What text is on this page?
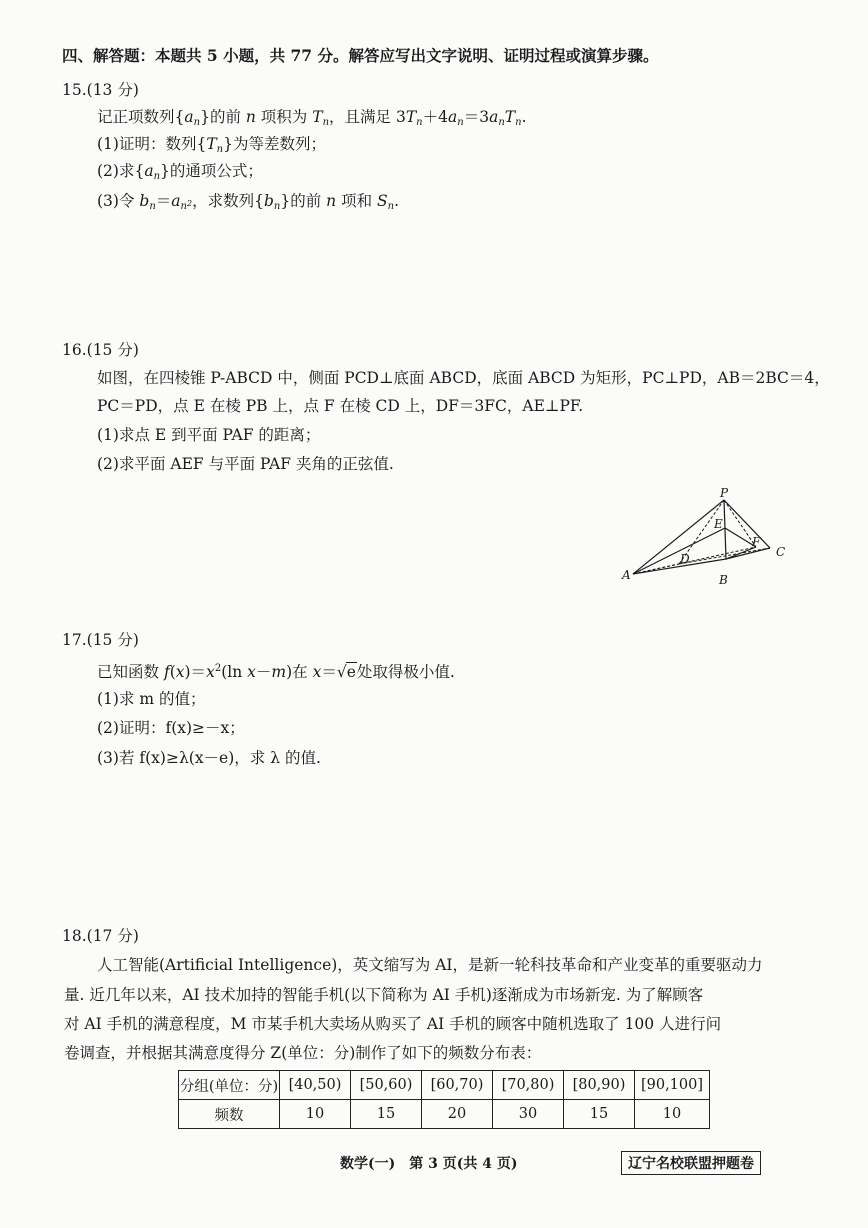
四、解答题：本题共 5 小题，共 77 分。解答应写出文字说明、证明过程或演算步骤。
15.(13 分)
记正项数列$\{a_n\}$的前 n 项积为 $T_n$，且满足 $3T_n+4a_n=3a_nT_n$.
(1)证明：数列$\{T_n\}$为等差数列；
(2)求$\{a_n\}$的通项公式；
(3)令 $b_n=a_{n^2}$，求数列$\{b_n\}$的前 n 项和 $S_n$.
16.(15 分)
如图，在四棱锥 P-ABCD 中，侧面 PCD⊥底面 ABCD，底面 ABCD 为矩形，PC⊥PD，AB＝2BC＝4，
PC＝PD，点 E 在棱 PB 上，点 F 在棱 CD 上，DF＝3FC，AE⊥PF.
(1)求点 E 到平面 PAF 的距离；
(2)求平面 AEF 与平面 PAF 夹角的正弦值.
P
E
F
C
D
A	B
17.(15 分)
已知函数 $f(x)=x^2(\ln$ x－m)在 x＝√e处取得极小值.
(1)求 m 的值；
(2)证明：f(x)≥－x；
(3)若 f(x)≥λ(x－e)，求 λ 的值.
18.(17 分)
人工智能(Artificial Intelligence)，英文缩写为 AI，是新一轮科技革命和产业变革的重要驱动力
量. 近几年以来，AI 技术加持的智能手机(以下简称为 AI 手机)逐渐成为市场新宠. 为了解顾客
对 AI 手机的满意程度，M 市某手机大卖场从购买了 AI 手机的顾客中随机选取了 100 人进行问
卷调查，并根据其满意度得分 Z(单位：分)制作了如下的频数分布表：
分组(单位：分)	[40,50)	[50,60)	[60,70)	[70,80)	[80,90)	[90,100]
频数	10	15	20	30	15	10
数学(一)　第 3 页(共 4 页)	辽宁名校联盟押题卷
